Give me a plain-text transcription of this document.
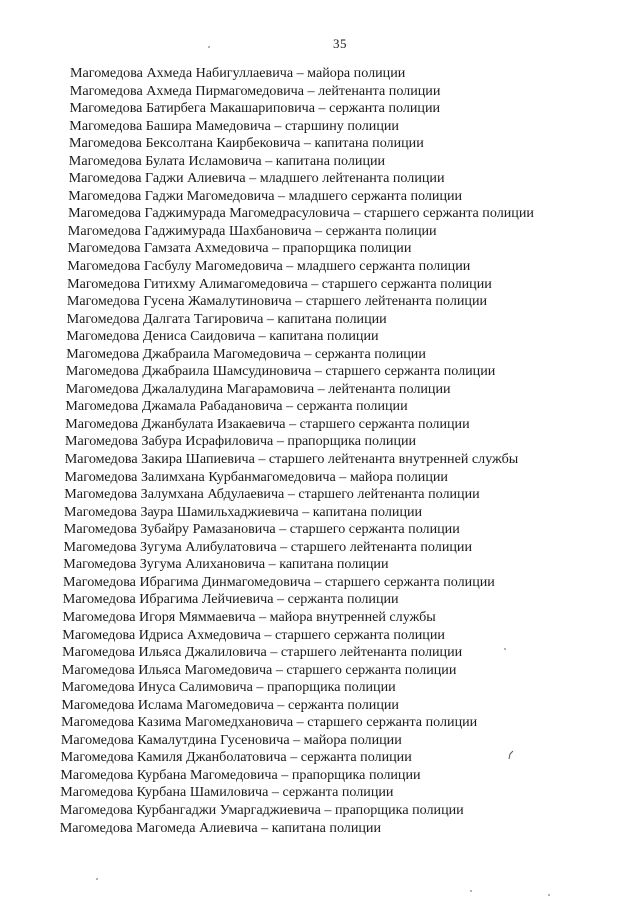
35
Магомедова Ахмеда Набигуллаевича – майора полиции
Магомедова Ахмеда Пирмагомедовича – лейтенанта полиции
Магомедова Батирбега Макашариповича – сержанта полиции
Магомедова Башира Мамедовича – старшину полиции
Магомедова Бексолтана Каирбековича – капитана полиции
Магомедова Булата Исламовича – капитана полиции
Магомедова Гаджи Алиевича – младшего лейтенанта полиции
Магомедова Гаджи Магомедовича – младшего сержанта полиции
Магомедова Гаджимурада Магомедрасуловича – старшего сержанта полиции
Магомедова Гаджимурада Шахбановича – сержанта полиции
Магомедова Гамзата Ахмедовича – прапорщика полиции
Магомедова Гасбулу Магомедовича – младшего сержанта полиции
Магомедова Гитихму Алимагомедовича – старшего сержанта полиции
Магомедова Гусена Жамалутиновича – старшего лейтенанта полиции
Магомедова Далгата Тагировича – капитана полиции
Магомедова Дениса Саидовича – капитана полиции
Магомедова Джабраила Магомедовича – сержанта полиции
Магомедова Джабраила Шамсудиновича – старшего сержанта полиции
Магомедова Джалалудина Магарамовича – лейтенанта полиции
Магомедова Джамала Рабадановича – сержанта полиции
Магомедова Джанбулата Изакаевича – старшего сержанта полиции
Магомедова Забура Исрафиловича – прапорщика полиции
Магомедова Закира Шапиевича – старшего лейтенанта внутренней службы
Магомедова Залимхана Курбанмагомедовича – майора полиции
Магомедова Залумхана Абдулаевича – старшего лейтенанта полиции
Магомедова Заура Шамильхаджиевича – капитана полиции
Магомедова Зубайру Рамазановича – старшего сержанта полиции
Магомедова Зугума Алибулатовича – старшего лейтенанта полиции
Магомедова Зугума Алихановича – капитана полиции
Магомедова Ибрагима Динмагомедовича – старшего сержанта полиции
Магомедова Ибрагима Лейчиевича – сержанта полиции
Магомедова Игоря Мяммаевича – майора внутренней службы
Магомедова Идриса Ахмедовича – старшего сержанта полиции
Магомедова Ильяса Джалиловича – старшего лейтенанта полиции
Магомедова Ильяса Магомедовича – старшего сержанта полиции
Магомедова Инуса Салимовича – прапорщика полиции
Магомедова Ислама Магомедовича – сержанта полиции
Магомедова Казима Магомедхановича – старшего сержанта полиции
Магомедова Камалутдина Гусеновича – майора полиции
Магомедова Камиля Джанболатовича – сержанта полиции
Магомедова Курбана Магомедовича – прапорщика полиции
Магомедова Курбана Шамиловича – сержанта полиции
Магомедова Курбангаджи Умаргаджиевича – прапорщика полиции
Магомедова Магомеда Алиевича – капитана полиции
